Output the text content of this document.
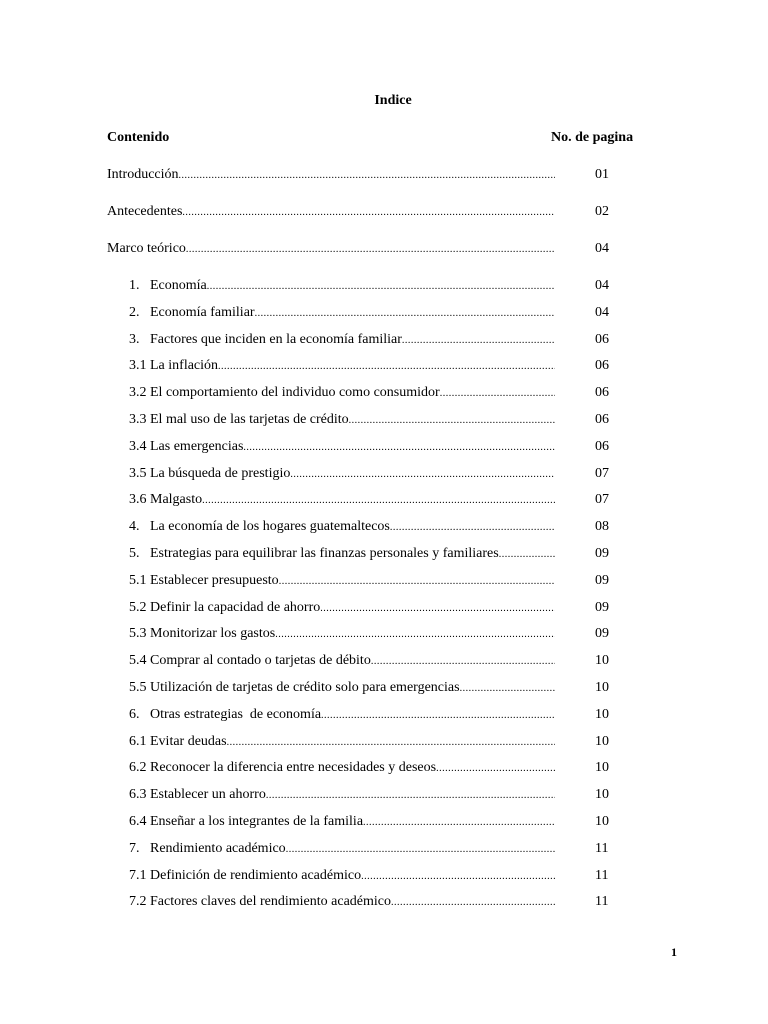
Indice
Contenido	No. de pagina
Introducción .....	01
Antecedentes .....	02
Marco teórico .....	04
1.   Economía .....	04
2.   Economía familiar .....	04
3.   Factores que inciden en la economía familiar .....	06
3.1 La inflación .....	06
3.2 El comportamiento del individuo como consumidor .....	06
3.3 El mal uso de las tarjetas de crédito .....	06
3.4 Las emergencias .....	06
3.5 La búsqueda de prestigio .....	07
3.6 Malgasto .....	07
4.   La economía de los hogares guatemaltecos .....	08
5.   Estrategias para equilibrar las finanzas personales y familiares .....	09
5.1 Establecer presupuesto .....	09
5.2 Definir la capacidad de ahorro .....	09
5.3 Monitorizar los gastos .....	09
5.4 Comprar al contado o tarjetas de débito .....	10
5.5 Utilización de tarjetas de crédito solo para emergencias .....	10
6.   Otras estrategias  de economía .....	10
6.1 Evitar deudas .....	10
6.2 Reconocer la diferencia entre necesidades y deseos .....	10
6.3 Establecer un ahorro .....	10
6.4 Enseñar a los integrantes de la familia .....	10
7.   Rendimiento académico .....	11
7.1 Definición de rendimiento académico .....	11
7.2 Factores claves del rendimiento académico .....	11
1
